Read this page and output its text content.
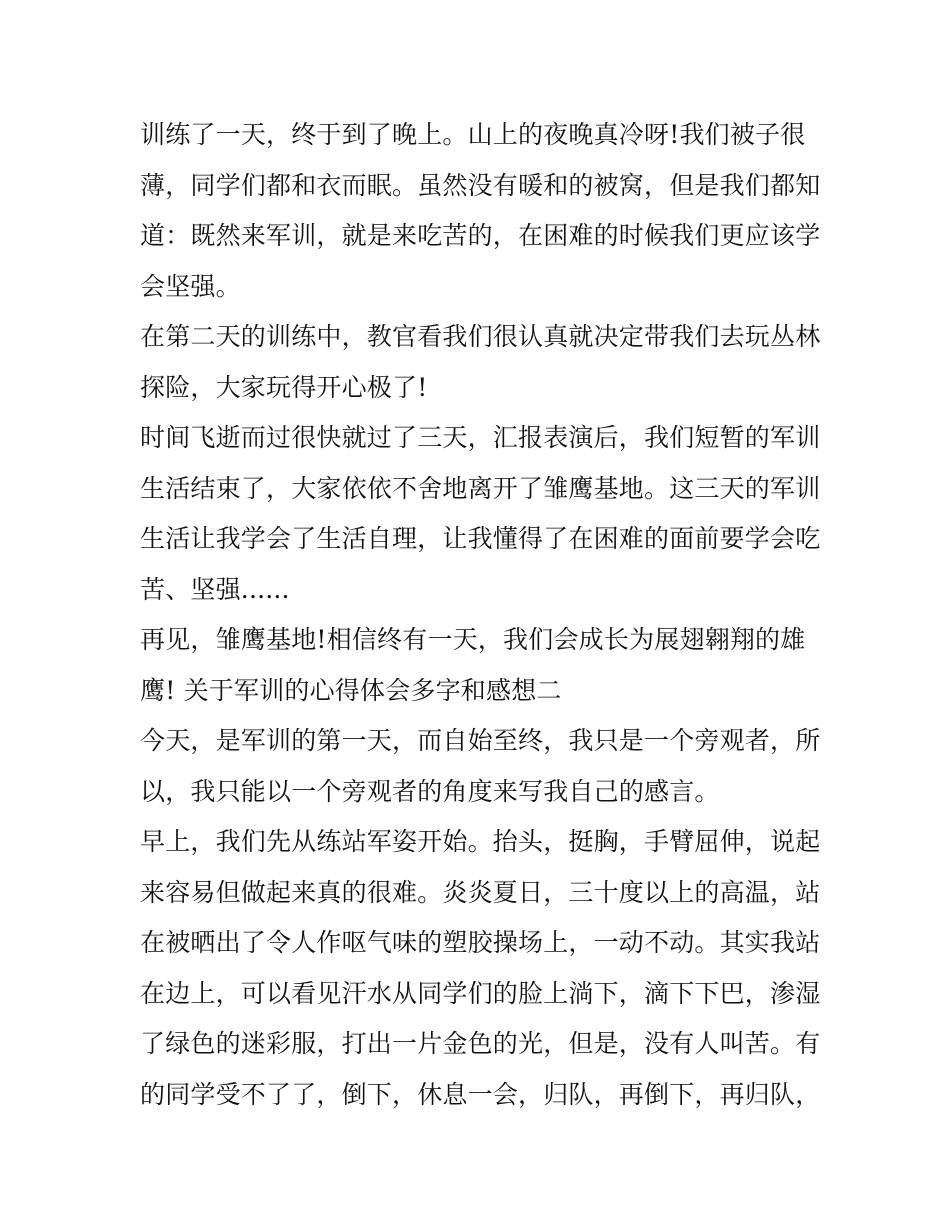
训练了一天，终于到了晚上。山上的夜晚真冷呀!我们被子很
薄，同学们都和衣而眠。虽然没有暖和的被窝，但是我们都知
道：既然来军训，就是来吃苦的，在困难的时候我们更应该学
会坚强。
在第二天的训练中，教官看我们很认真就决定带我们去玩丛林
探险，大家玩得开心极了!
时间飞逝而过很快就过了三天，汇报表演后，我们短暂的军训
生活结束了，大家依依不舍地离开了雏鹰基地。这三天的军训
生活让我学会了生活自理，让我懂得了在困难的面前要学会吃
苦、坚强......
再见，雏鹰基地!相信终有一天，我们会成长为展翅翱翔的雄
鹰! 关于军训的心得体会多字和感想二
今天，是军训的第一天，而自始至终，我只是一个旁观者，所
以，我只能以一个旁观者的角度来写我自己的感言。
早上，我们先从练站军姿开始。抬头，挺胸，手臂屈伸，说起
来容易但做起来真的很难。炎炎夏日，三十度以上的高温，站
在被晒出了令人作呕气味的塑胶操场上，一动不动。其实我站
在边上，可以看见汗水从同学们的脸上淌下，滴下下巴，渗湿
了绿色的迷彩服，打出一片金色的光，但是，没有人叫苦。有
的同学受不了了，倒下，休息一会，归队，再倒下，再归队，
